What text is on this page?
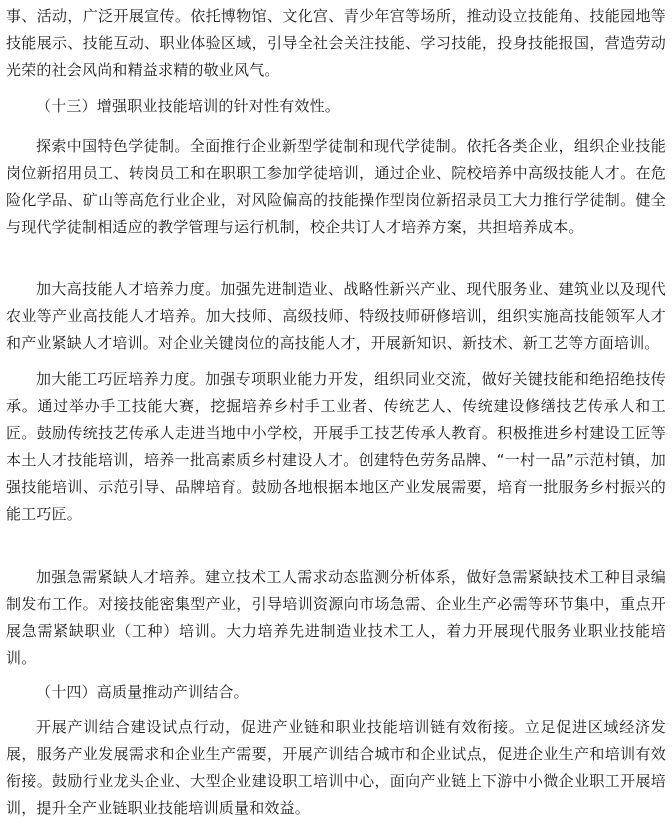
事、活动，广泛开展宣传。依托博物馆、文化宫、青少年宫等场所，推动设立技能角、技能园地等技能展示、技能互动、职业体验区域，引导全社会关注技能、学习技能，投身技能报国，营造劳动光荣的社会风尚和精益求精的敬业风气。

（十三）增强职业技能培训的针对性有效性。

探索中国特色学徒制。全面推行企业新型学徒制和现代学徒制。依托各类企业，组织企业技能岗位新招用员工、转岗员工和在职职工参加学徒培训，通过企业、院校培养中高级技能人才。在危险化学品、矿山等高危行业企业，对风险偏高的技能操作型岗位新招录员工大力推行学徒制。健全与现代学徒制相适应的教学管理与运行机制，校企共订人才培养方案，共担培养成本。

加大高技能人才培养力度。加强先进制造业、战略性新兴产业、现代服务业、建筑业以及现代农业等产业高技能人才培养。加大技师、高级技师、特级技师研修培训，组织实施高技能领军人才和产业紧缺人才培训。对企业关键岗位的高技能人才，开展新知识、新技术、新工艺等方面培训。

加大能工巧匠培养力度。加强专项职业能力开发，组织同业交流，做好关键技能和绝招绝技传承。通过举办手工技能大赛，挖掘培养乡村手工业者、传统艺人、传统建设修缮技艺传承人和工匠。鼓励传统技艺传承人走进当地中小学校，开展手工技艺传承人教育。积极推进乡村建设工匠等本土人才技能培训，培养一批高素质乡村建设人才。创建特色劳务品牌、“一村一品”示范村镇，加强技能培训、示范引导、品牌培育。鼓励各地根据本地区产业发展需要，培育一批服务乡村振兴的能工巧匠。

加强急需紧缺人才培养。建立技术工人需求动态监测分析体系，做好急需紧缺技术工种目录编制发布工作。对接技能密集型产业，引导培训资源向市场急需、企业生产必需等环节集中，重点开展急需紧缺职业（工种）培训。大力培养先进制造业技术工人，着力开展现代服务业职业技能培训。

（十四）高质量推动产训结合。

开展产训结合建设试点行动，促进产业链和职业技能培训链有效衔接。立足促进区域经济发展，服务产业发展需求和企业生产需要，开展产训结合城市和企业试点，促进企业生产和培训有效衔接。鼓励行业龙头企业、大型企业建设职工培训中心，面向产业链上下游中小微企业职工开展培训，提升全产业链职业技能培训质量和效益。
